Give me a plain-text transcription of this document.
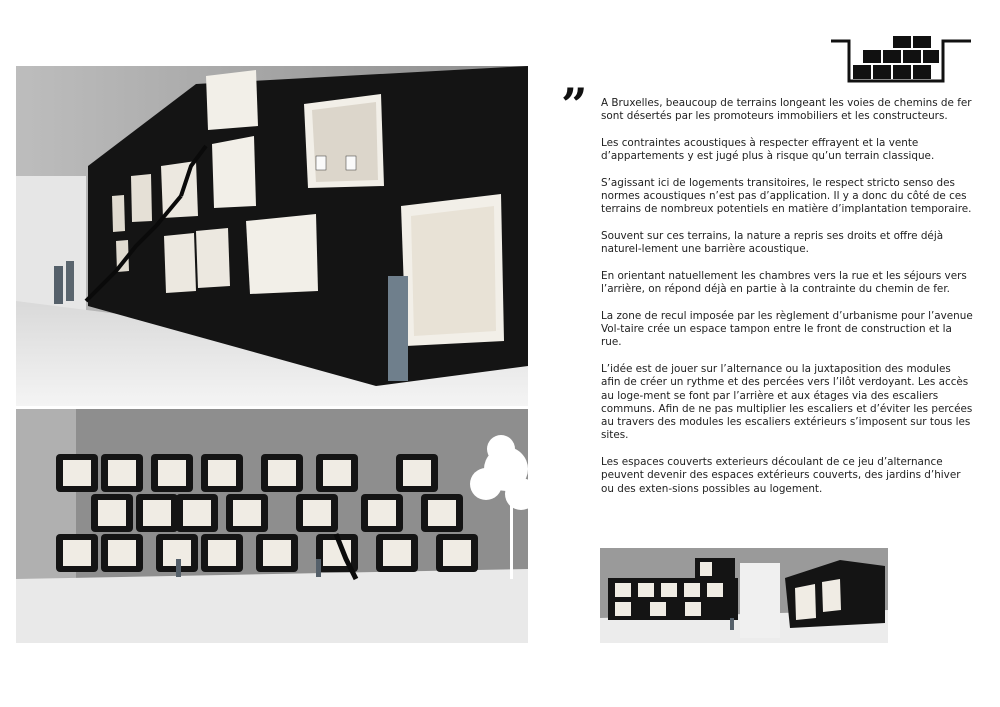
” A Bruxelles, beaucoup de terrains longeant les voies de chemins de fer sont désertés par les promoteurs immobiliers et les constructeurs.

Les contraintes acoustiques à respecter effrayent et la vente d’appartements y est jugé plus à risque qu’un terrain classique.

S’agissant ici de logements transitoires, le respect stricto senso des normes acoustiques n’est pas d’application. Il y a donc du côté de ces terrains de nombreux potentiels en matière d’implantation temporaire.

Souvent sur ces terrains, la nature a repris ses droits et offre déjà naturel-lement une barrière acoustique.

En orientant natuellement les chambres vers la rue et les séjours vers l’arrière, on répond déjà en partie à la contrainte du chemin de fer.

La zone de recul imposée par les règlement d’urbanisme pour l’avenue Vol-taire crée un espace tampon entre le front de construction et la rue.

L’idée est de jouer sur l’alternance ou la juxtaposition des modules afin de créer un rythme et des percées vers l’ilôt verdoyant. Les accès au loge-ment se font par l’arrière et aux étages via des escaliers communs. Afin de ne pas multiplier les escaliers et d’éviter les percées au travers des modules les escaliers extérieurs s’imposent sur tous les sites.

Les espaces couverts exterieurs découlant de ce jeu d’alternance peuvent devenir des espaces extérieurs couverts, des jardins d’hiver ou des exten-sions possibles au logement.
